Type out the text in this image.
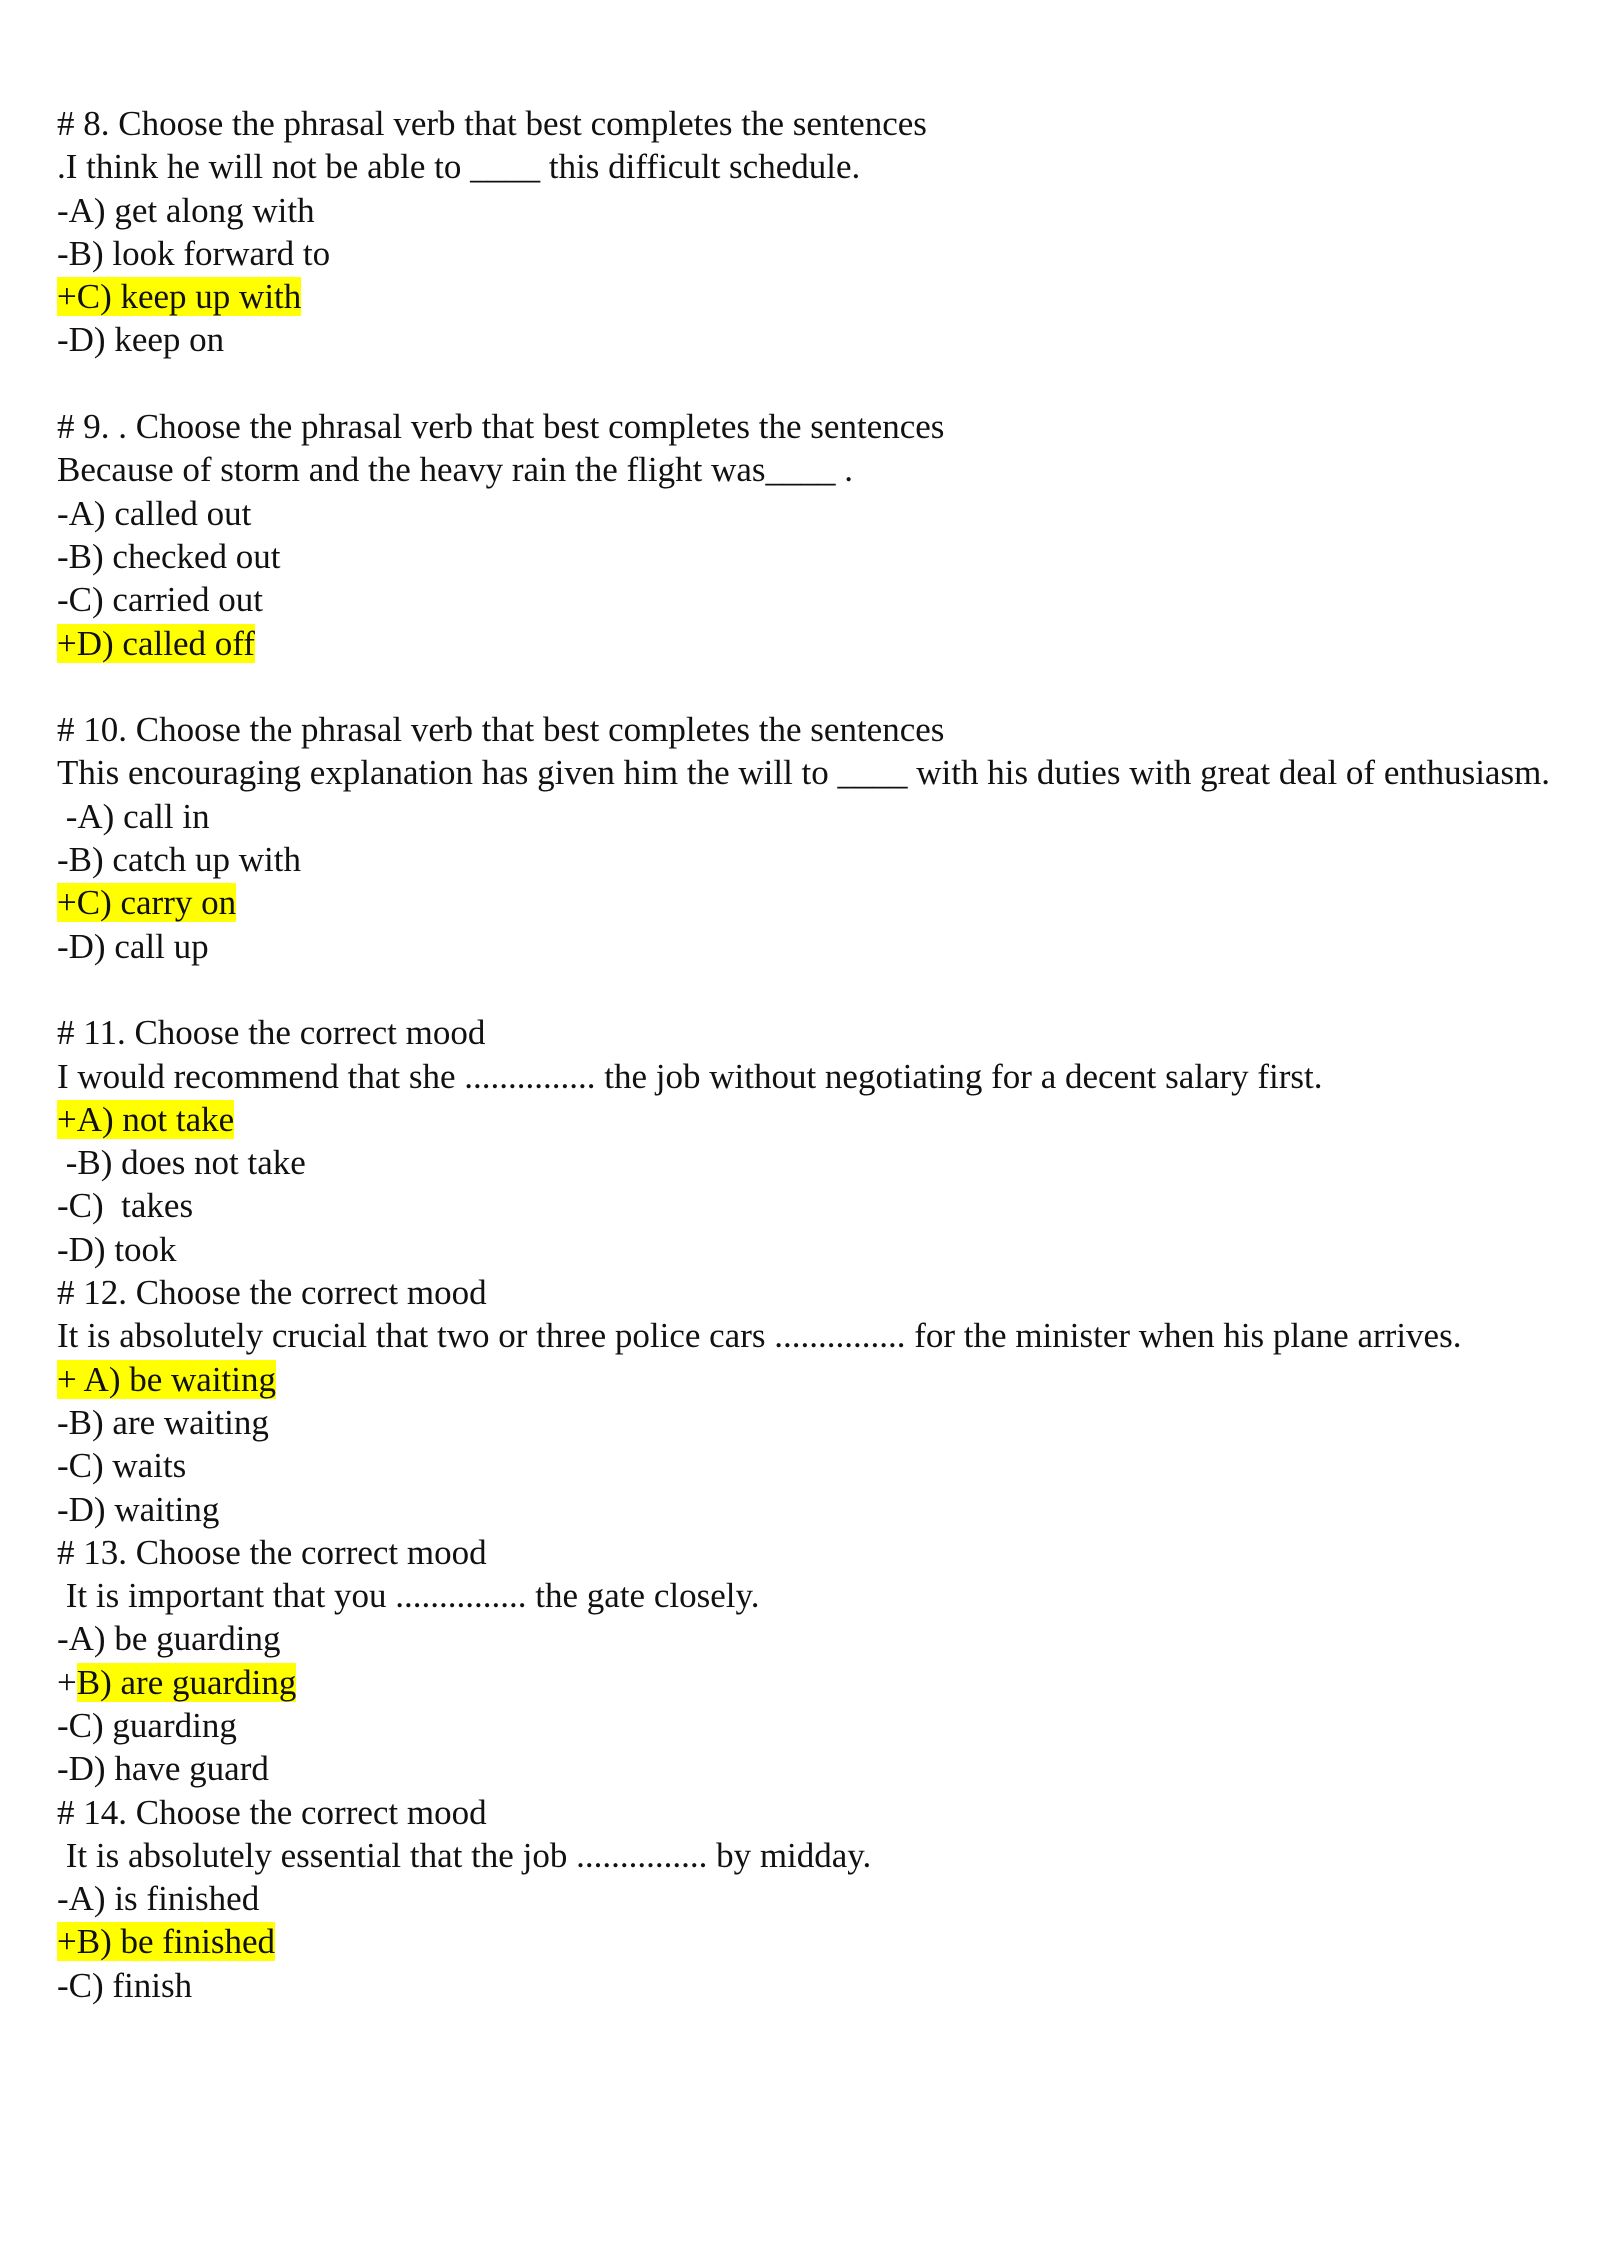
# 8. Choose the phrasal verb that best completes the sentences
.I think he will not be able to ____ this difficult schedule.
-A) get along with
-B) look forward to
+C) keep up with
-D) keep on
# 9. . Choose the phrasal verb that best completes the sentences
Because of storm and the heavy rain the flight was____ .
-A) called out
-B) checked out
-C) carried out
+D) called off
# 10. Choose the phrasal verb that best completes the sentences
This encouraging explanation has given him the will to ____ with his duties with great deal of enthusiasm.
-A) call in
-B) catch up with
+C) carry on
-D) call up
# 11. Choose the correct mood
I would recommend that she ............... the job without negotiating for a decent salary first.
+A) not take
-B) does not take
-C)  takes
-D) took
# 12. Choose the correct mood
It is absolutely crucial that two or three police cars ............... for the minister when his plane arrives.
+ A) be waiting
-B) are waiting
-C) waits
-D) waiting
# 13. Choose the correct mood
It is important that you ............... the gate closely.
-A) be guarding
+B) are guarding
-C) guarding
-D) have guard
# 14. Choose the correct mood
It is absolutely essential that the job ............... by midday.
-A) is finished
+B) be finished
-C) finish
